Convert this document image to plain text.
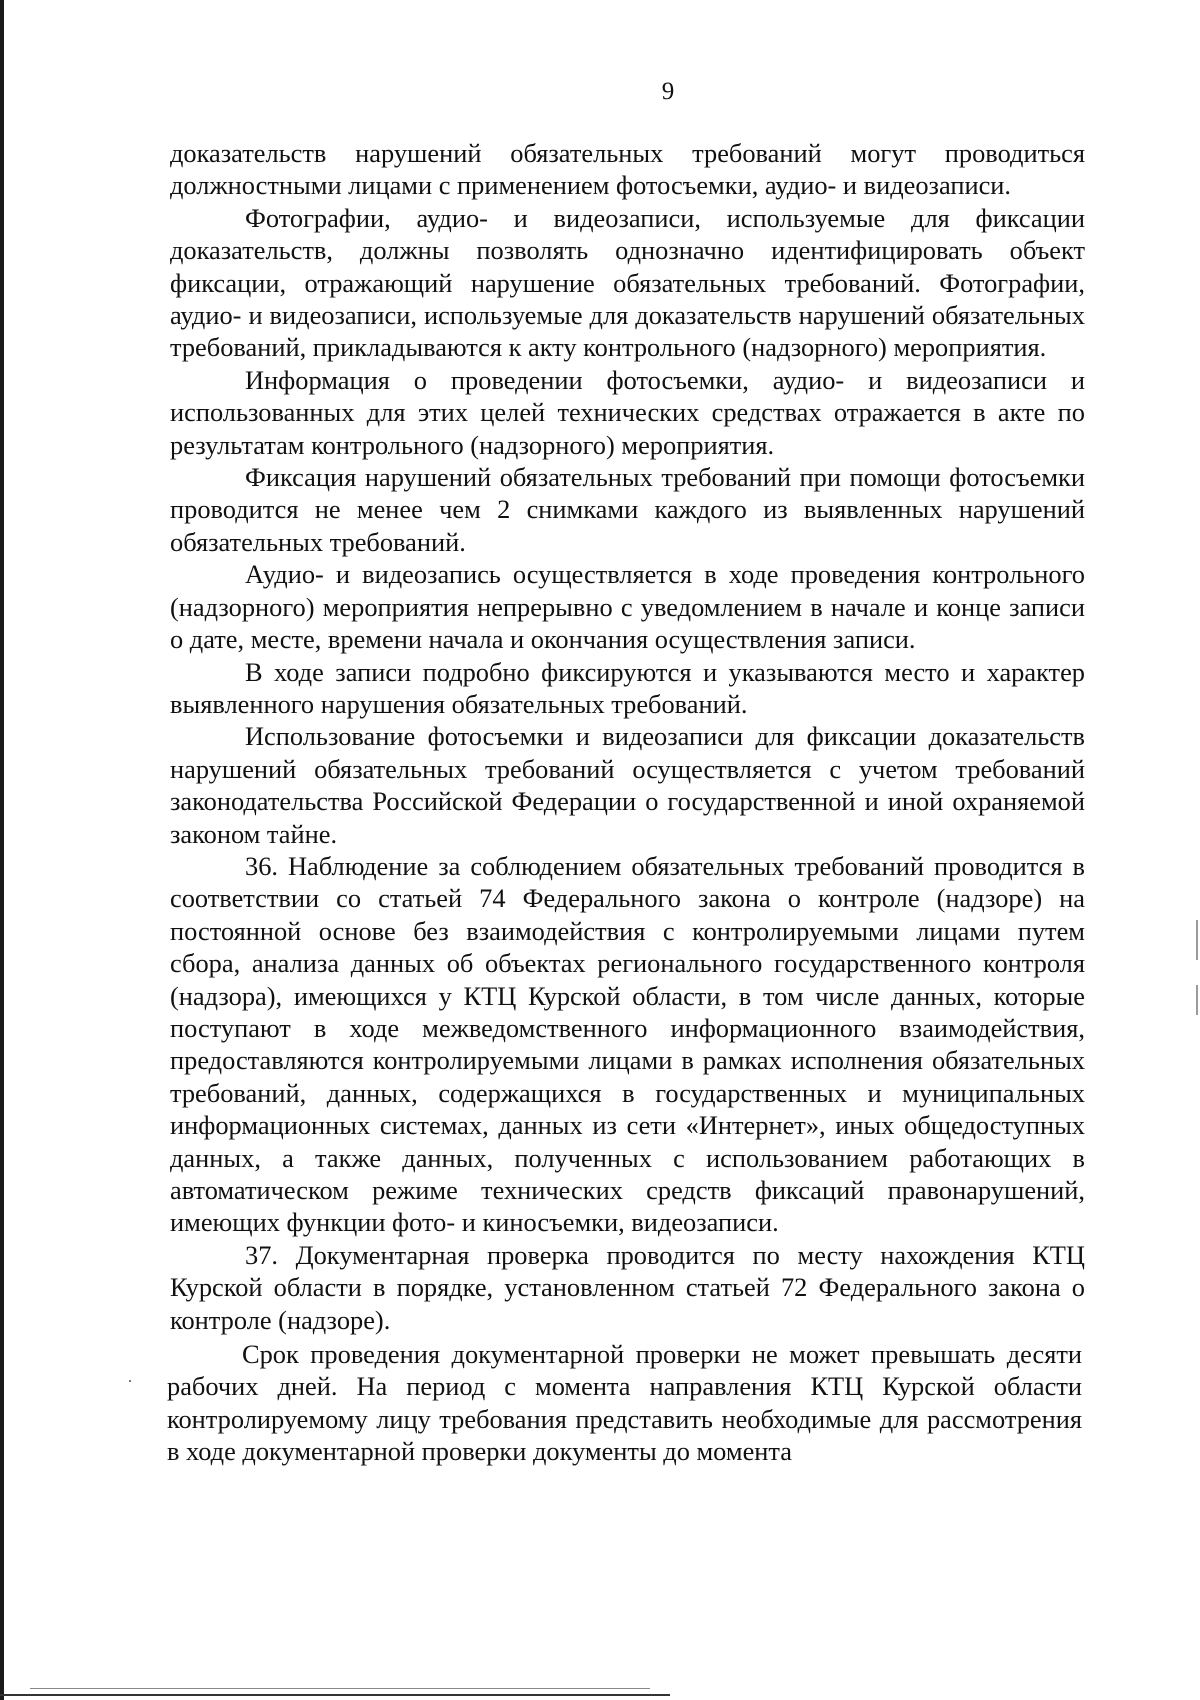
9

доказательств нарушений обязательных требований могут проводиться должностными лицами с применением фотосъемки, аудио- и видеозаписи.

Фотографии, аудио- и видеозаписи, используемые для фиксации доказательств, должны позволять однозначно идентифицировать объект фиксации, отражающий нарушение обязательных требований. Фотографии, аудио- и видеозаписи, используемые для доказательств нарушений обязательных требований, прикладываются к акту контрольного (надзорного) мероприятия.

Информация о проведении фотосъемки, аудио- и видеозаписи и использованных для этих целей технических средствах отражается в акте по результатам контрольного (надзорного) мероприятия.

Фиксация нарушений обязательных требований при помощи фотосъемки проводится не менее чем 2 снимками каждого из выявленных нарушений обязательных требований.

Аудио- и видеозапись осуществляется в ходе проведения контрольного (надзорного) мероприятия непрерывно с уведомлением в начале и конце записи о дате, месте, времени начала и окончания осуществления записи.

В ходе записи подробно фиксируются и указываются место и характер выявленного нарушения обязательных требований.

Использование фотосъемки и видеозаписи для фиксации доказательств нарушений обязательных требований осуществляется с учетом требований законодательства Российской Федерации о государственной и иной охраняемой законом тайне.

36. Наблюдение за соблюдением обязательных требований проводится в соответствии со статьей 74 Федерального закона о контроле (надзоре) на постоянной основе без взаимодействия с контролируемыми лицами путем сбора, анализа данных об объектах регионального государственного контроля (надзора), имеющихся у КТЦ Курской области, в том числе данных, которые поступают в ходе межведомственного информационного взаимодействия, предоставляются контролируемыми лицами в рамках исполнения обязательных требований, данных, содержащихся в государственных и муниципальных информационных системах, данных из сети «Интернет», иных общедоступных данных, а также данных, полученных с использованием работающих в автоматическом режиме технических средств фиксаций правонарушений, имеющих функции фото- и киносъемки, видеозаписи.

37. Документарная проверка проводится по месту нахождения КТЦ Курской области в порядке, установленном статьей 72 Федерального закона о контроле (надзоре).

Срок проведения документарной проверки не может превышать десяти рабочих дней. На период с момента направления КТЦ Курской области контролируемому лицу требования представить необходимые для рассмотрения в ходе документарной проверки документы до момента
